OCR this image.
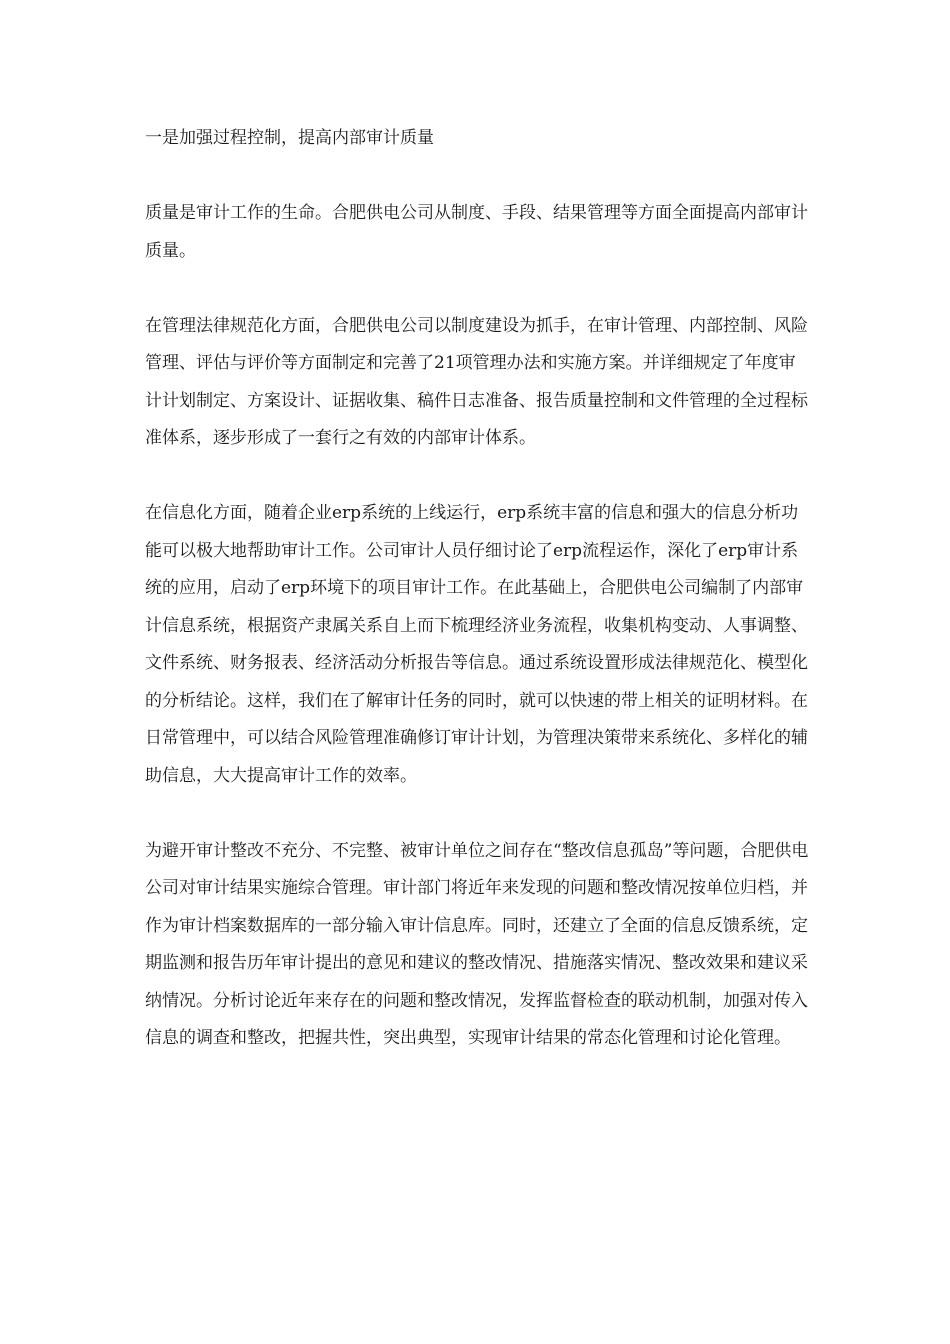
一是加强过程控制，提高内部审计质量

质量是审计工作的生命。合肥供电公司从制度、手段、结果管理等方面全面提高内部审计质量。

在管理法律规范化方面，合肥供电公司以制度建设为抓手，在审计管理、内部控制、风险管理、评估与评价等方面制定和完善了21项管理办法和实施方案。并详细规定了年度审计计划制定、方案设计、证据收集、稿件日志准备、报告质量控制和文件管理的全过程标准体系，逐步形成了一套行之有效的内部审计体系。

在信息化方面，随着企业erp系统的上线运行，erp系统丰富的信息和强大的信息分析功能可以极大地帮助审计工作。公司审计人员仔细讨论了erp流程运作，深化了erp审计系统的应用，启动了erp环境下的项目审计工作。在此基础上，合肥供电公司编制了内部审计信息系统，根据资产隶属关系自上而下梳理经济业务流程，收集机构变动、人事调整、文件系统、财务报表、经济活动分析报告等信息。通过系统设置形成法律规范化、模型化的分析结论。这样，我们在了解审计任务的同时，就可以快速的带上相关的证明材料。在日常管理中，可以结合风险管理准确修订审计计划，为管理决策带来系统化、多样化的辅助信息，大大提高审计工作的效率。

为避开审计整改不充分、不完整、被审计单位之间存在“整改信息孤岛”等问题，合肥供电公司对审计结果实施综合管理。审计部门将近年来发现的问题和整改情况按单位归档，并作为审计档案数据库的一部分输入审计信息库。同时，还建立了全面的信息反馈系统，定期监测和报告历年审计提出的意见和建议的整改情况、措施落实情况、整改效果和建议采纳情况。分析讨论近年来存在的问题和整改情况，发挥监督检查的联动机制，加强对传入信息的调查和整改，把握共性，突出典型，实现审计结果的常态化管理和讨论化管理。
